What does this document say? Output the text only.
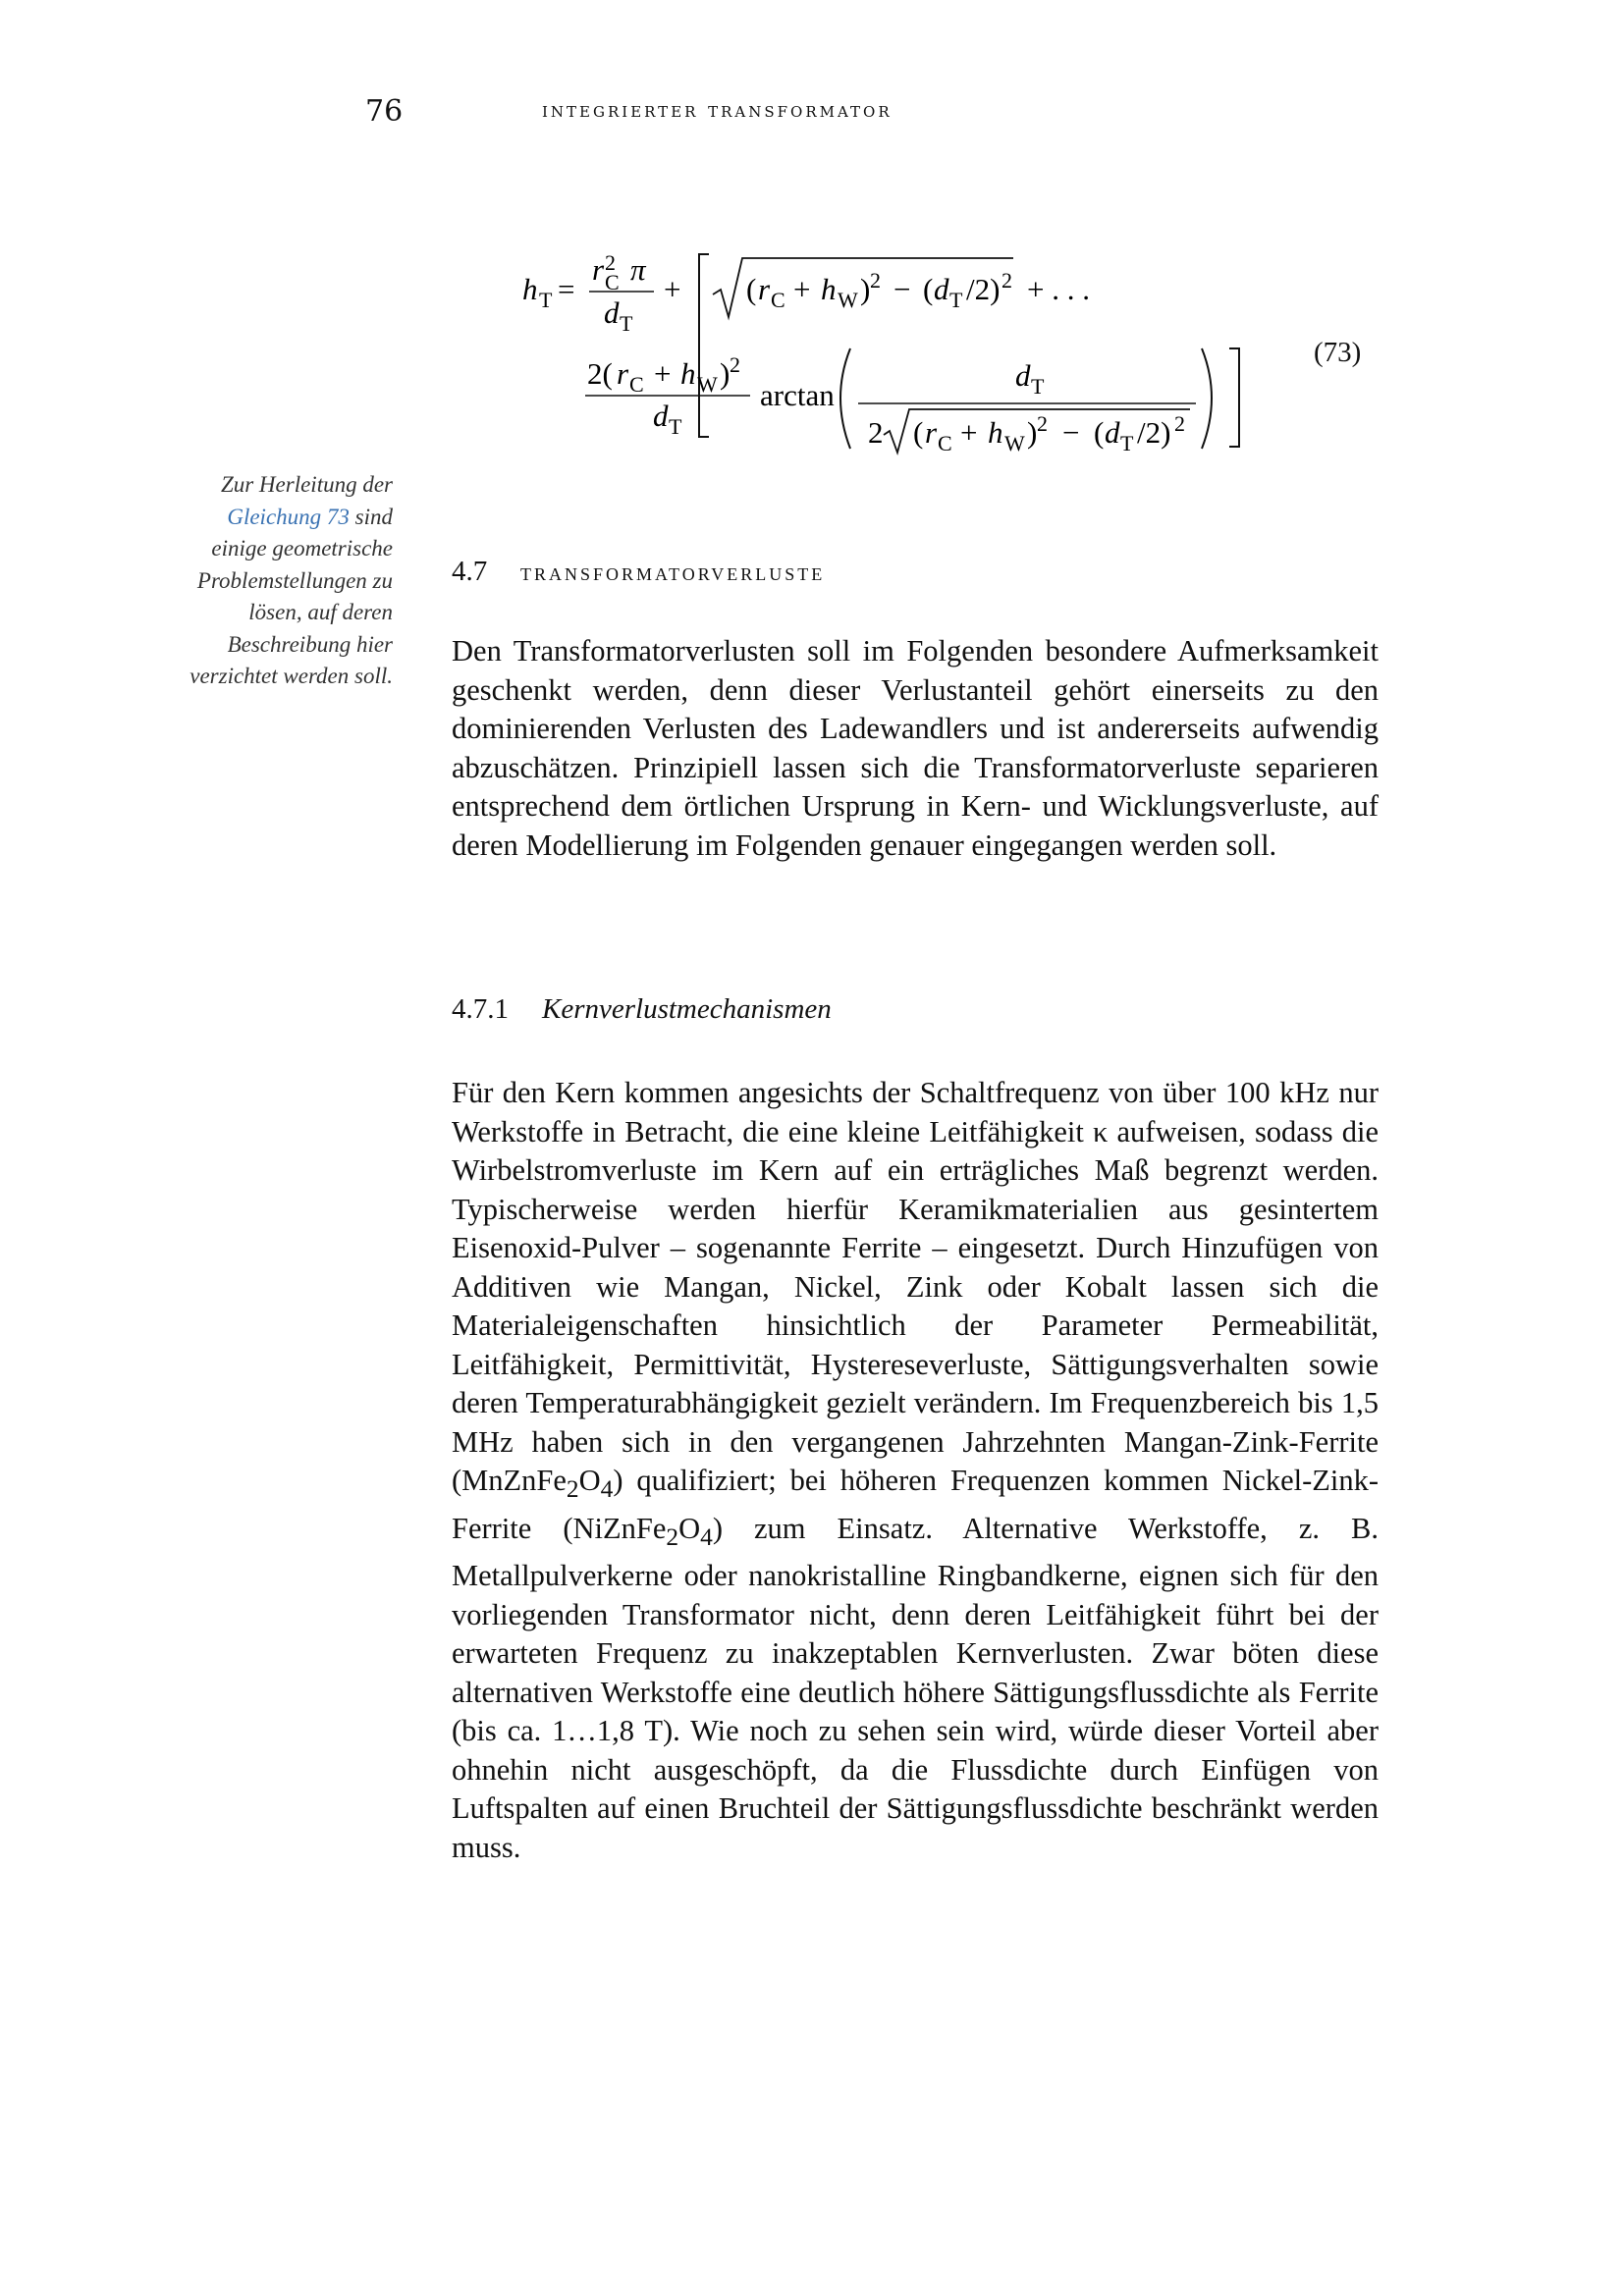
76	integrierter transformator
h T =
r 2
C π
d T
+ ( r C + h W ) 2 − ( d T /2) 2 + . . .
2( r C + h W ) 2
d T
arctan
d T
2 ( r C + h W ) 2 − ( d T /2) 2
(73)
Zur Herleitung der Gleichung 73 sind einige geometrische Problemstellungen zu lösen, auf deren Beschreibung hier verzichtet werden soll.
4.7 transformatorverluste
Den Transformatorverlusten soll im Folgenden besondere Aufmerksamkeit geschenkt werden, denn dieser Verlustanteil gehört einerseits zu den dominierenden Verlusten des Ladewandlers und ist andererseits aufwendig abzuschätzen. Prinzipiell lassen sich die Transformatorverluste separieren entsprechend dem örtlichen Ursprung in Kern- und Wicklungsverluste, auf deren Modellierung im Folgenden genauer eingegangen werden soll.
4.7.1 Kernverlustmechanismen
Für den Kern kommen angesichts der Schaltfrequenz von über 100 kHz nur Werkstoffe in Betracht, die eine kleine Leitfähigkeit κ aufweisen, sodass die Wirbelstromverluste im Kern auf ein erträgliches Maß begrenzt werden. Typischerweise werden hierfür Keramikmaterialien aus gesintertem Eisenoxid-Pulver – sogenannte Ferrite – eingesetzt. Durch Hinzufügen von Additiven wie Mangan, Nickel, Zink oder Kobalt lassen sich die Materialeigenschaften hinsichtlich der Parameter Permeabilität, Leitfähigkeit, Permittivität, Hystereseverluste, Sättigungsverhalten sowie deren Temperaturabhängigkeit gezielt verändern. Im Frequenzbereich bis 1,5 MHz haben sich in den vergangenen Jahrzehnten Mangan-Zink-Ferrite $(MnZnFe_2O_4)$ qualifiziert; bei höheren Frequenzen kommen Nickel-Zink-Ferrite $(NiZnFe_2O_4)$ zum Einsatz. Alternative Werkstoffe, z. B. Metallpulverkerne oder nanokristalline Ringbandkerne, eignen sich für den vorliegenden Transformator nicht, denn deren Leitfähigkeit führt bei der erwarteten Frequenz zu inakzeptablen Kernverlusten. Zwar böten diese alternativen Werkstoffe eine deutlich höhere Sättigungsflussdichte als Ferrite (bis ca. 1…1,8 T). Wie noch zu sehen sein wird, würde dieser Vorteil aber ohnehin nicht ausgeschöpft, da die Flussdichte durch Einfügen von Luftspalten auf einen Bruchteil der Sättigungsflussdichte beschränkt werden muss.
